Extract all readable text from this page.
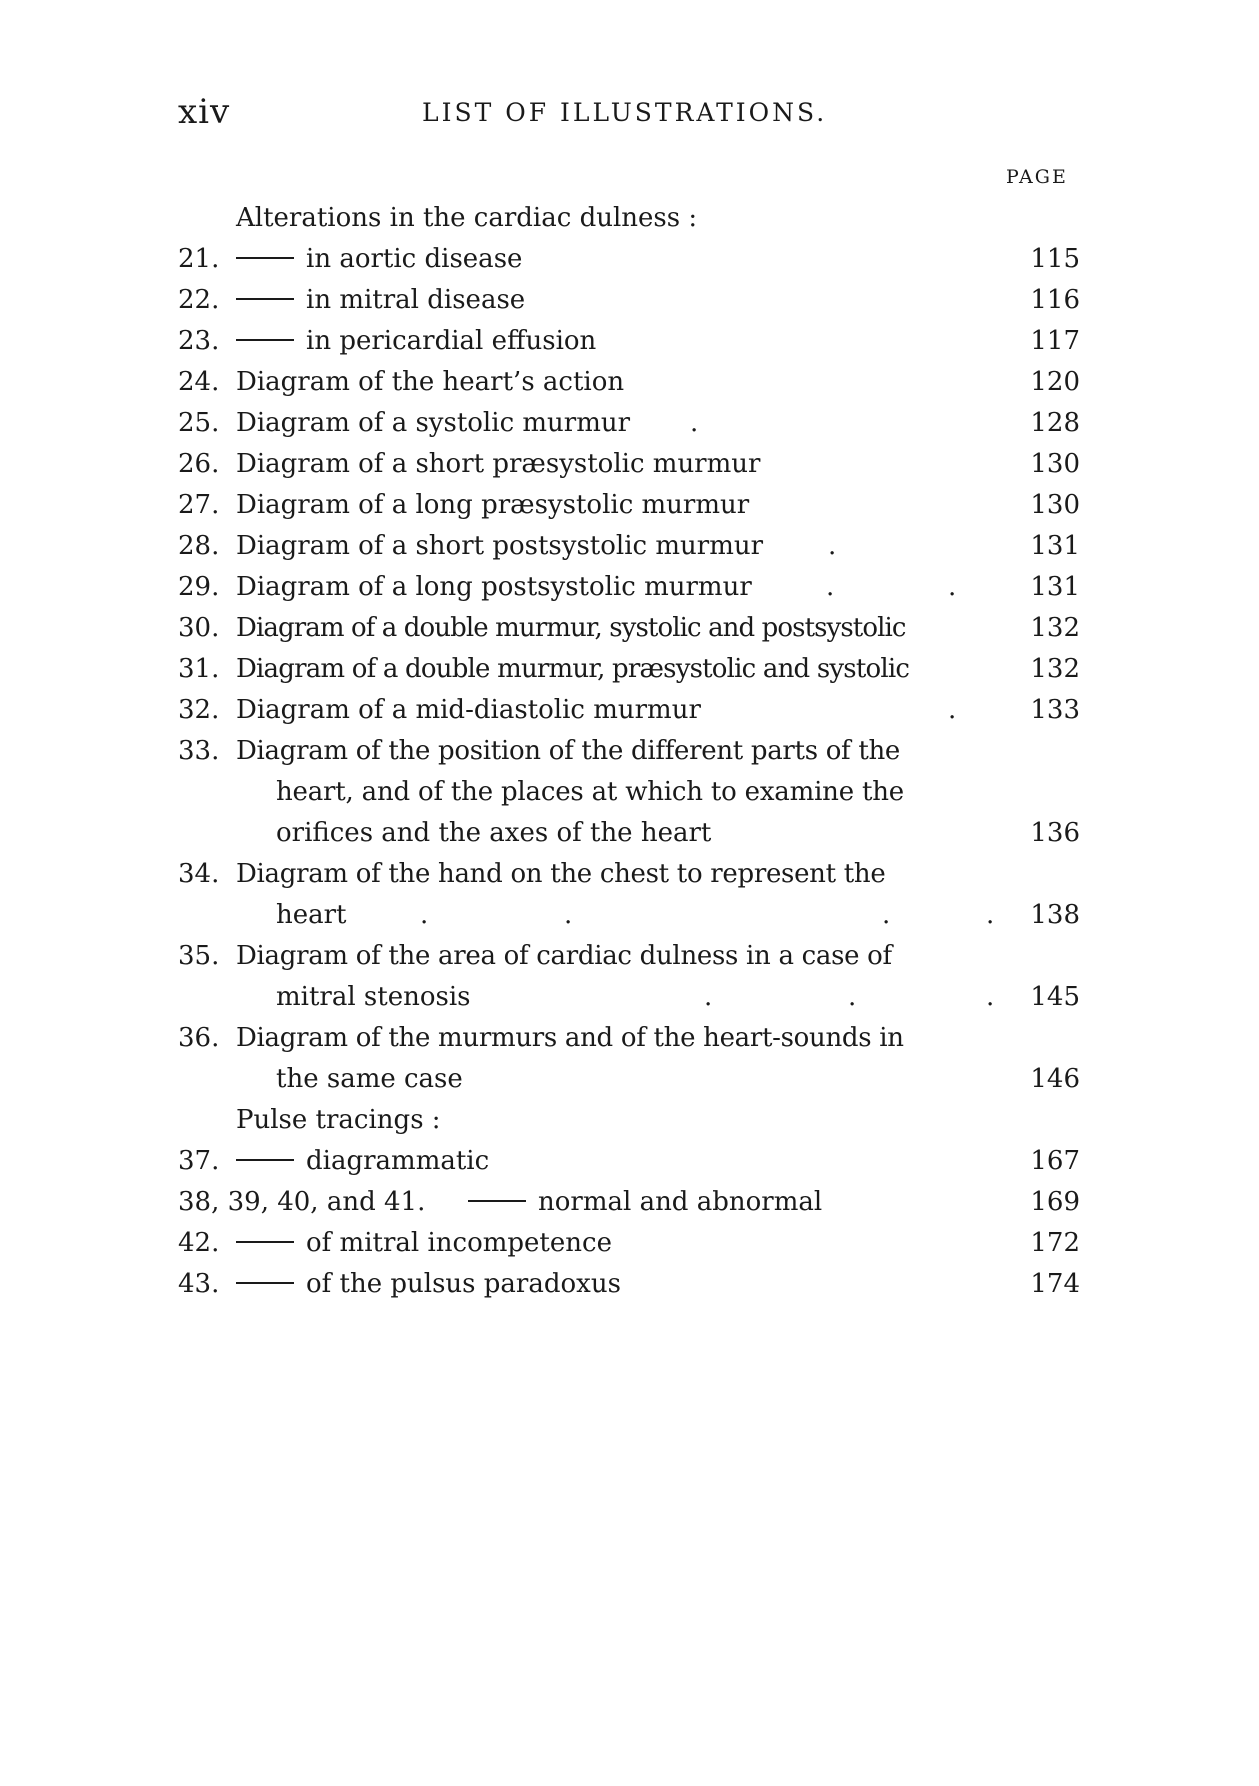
xiv	LIST OF ILLUSTRATIONS.
PAGE
Alterations in the cardiac dulness :
21.	in aortic disease	115
22.	in mitral disease	116
23.	in pericardial effusion	117
24. Diagram of the heart’s action	120
.
25. Diagram of a systolic murmur	128
26. Diagram of a short præsystolic murmur	130
27. Diagram of a long præsystolic murmur	130
.
28. Diagram of a short postsystolic murmur	131
.	.
29. Diagram of a long postsystolic murmur	131
30. Diagram of a double murmur, systolic and postsystolic	132
31. Diagram of a double murmur, præsystolic and systolic	132
.
32. Diagram of a mid-diastolic murmur	133
33. Diagram of the position of the different parts of the
heart, and of the places at which to examine the
orifices and the axes of the heart	136
34. Diagram of the hand on the chest to represent the
.	.	.	.
heart	138
35. Diagram of the area of cardiac dulness in a case of
.	.	.
mitral stenosis	145
36. Diagram of the murmurs and of the heart-sounds in
the same case	146
Pulse tracings :
37.	diagrammatic	167
38, 39, 40, and 41.	normal and abnormal	169
42.	of mitral incompetence	172
43.	of the pulsus paradoxus	174
